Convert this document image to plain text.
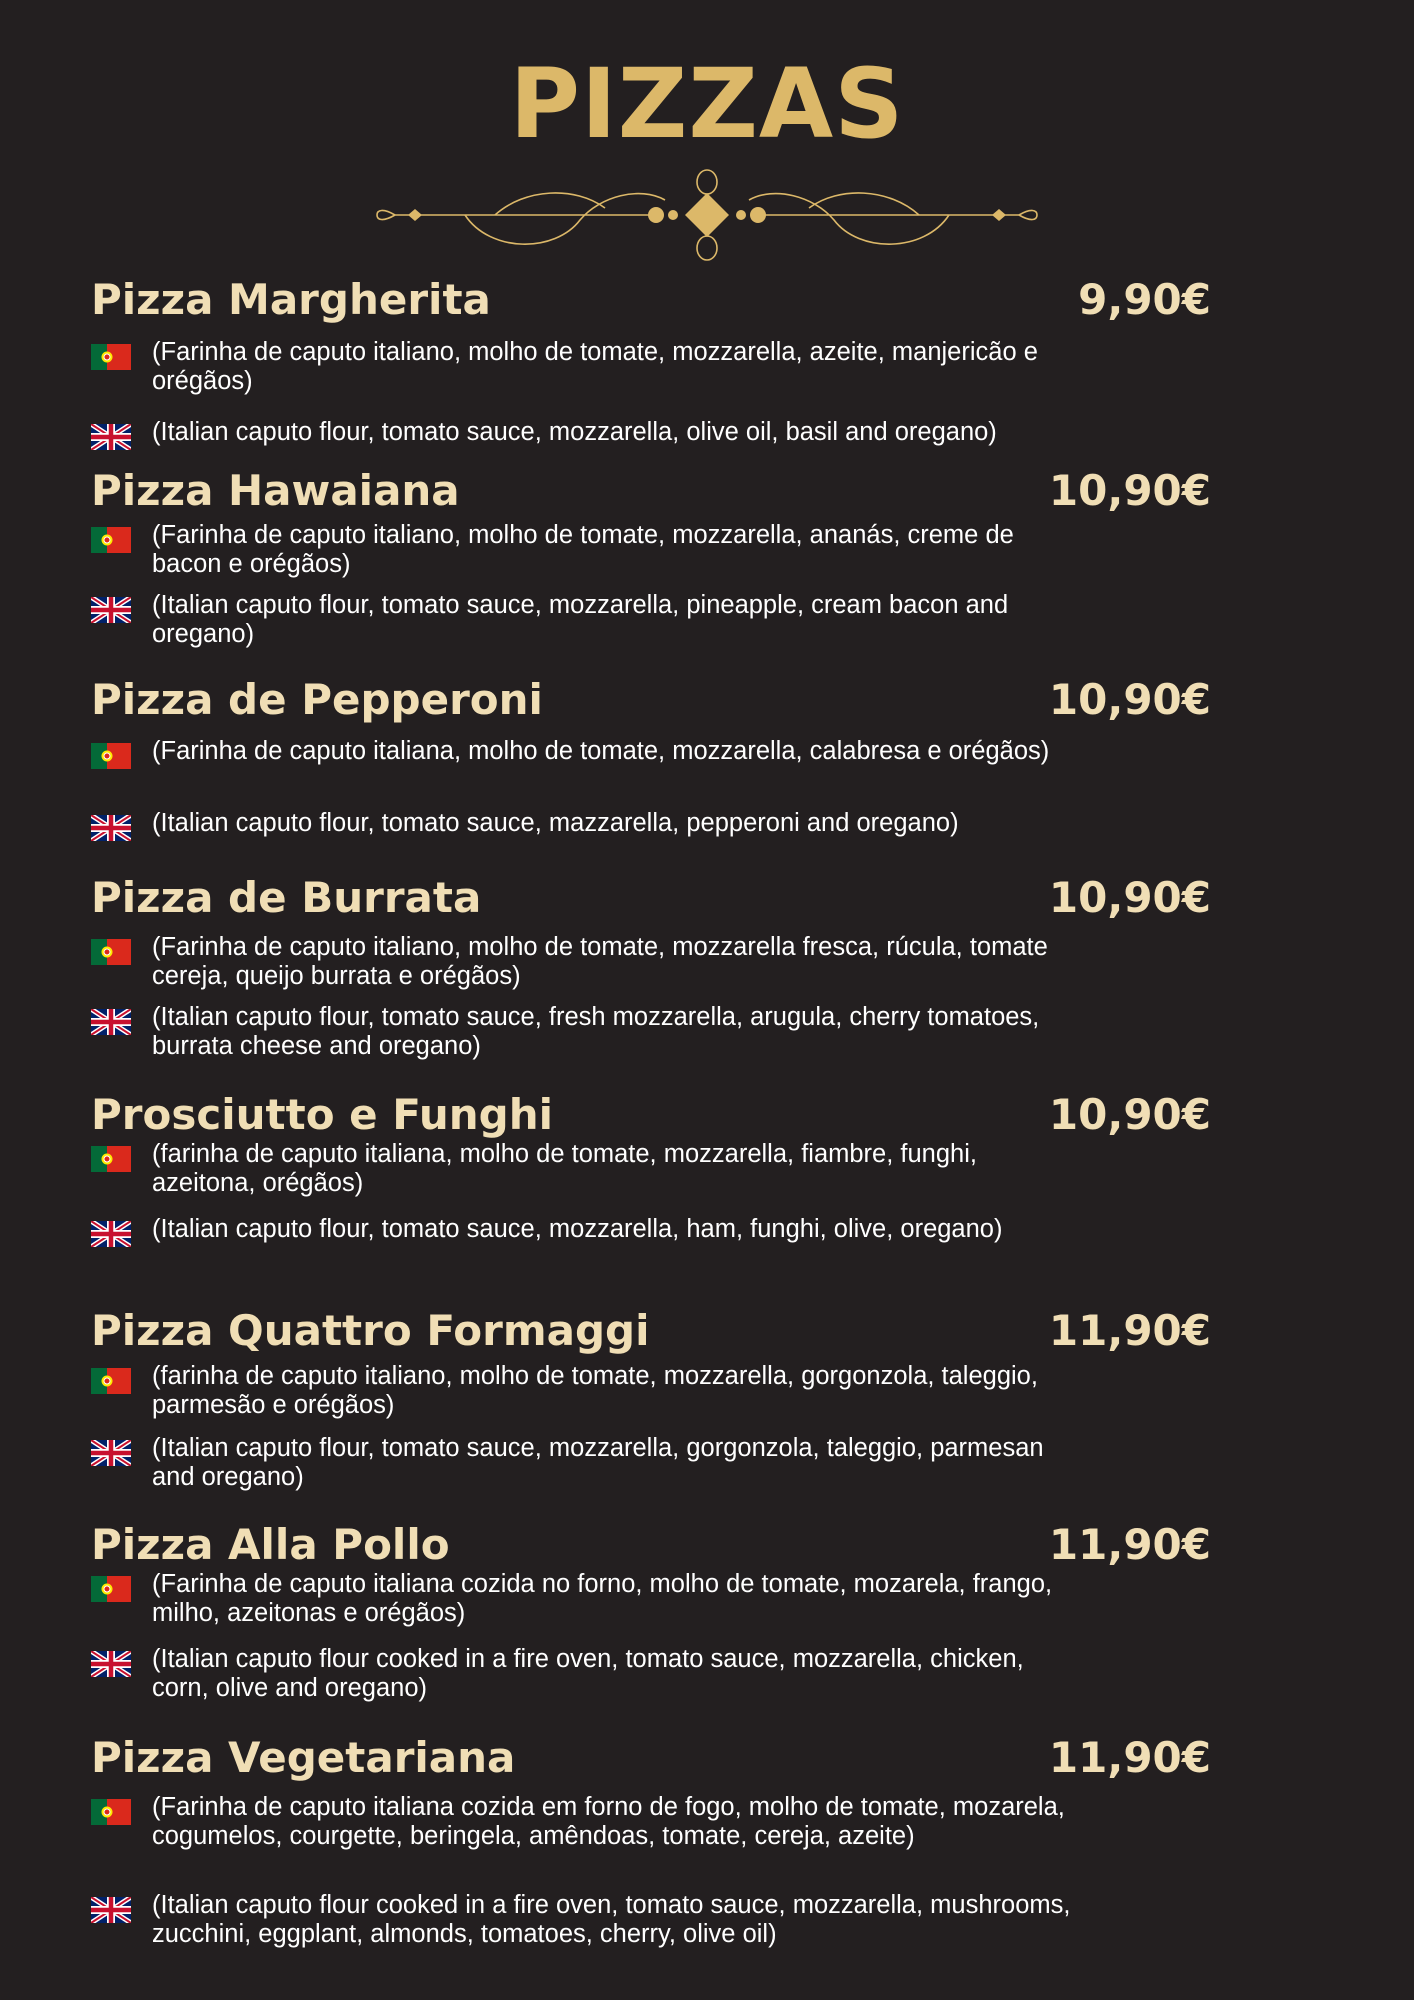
PIZZAS
Pizza Margherita	9,90€
(Farinha de caputo italiano, molho de tomate, mozzarella, azeite, manjericão e orégãos)
(Italian caputo flour, tomato sauce, mozzarella, olive oil, basil and oregano)
Pizza Hawaiana	10,90€
(Farinha de caputo italiano, molho de tomate, mozzarella, ananás, creme de bacon e orégãos)
(Italian caputo flour, tomato sauce, mozzarella, pineapple, cream bacon and oregano)
Pizza de Pepperoni	10,90€
(Farinha de caputo italiana, molho de tomate, mozzarella, calabresa e orégãos)
(Italian caputo flour, tomato sauce, mazzarella, pepperoni and oregano)
Pizza de Burrata	10,90€
(Farinha de caputo italiano, molho de tomate, mozzarella fresca, rúcula, tomate cereja, queijo burrata e orégãos)
(Italian caputo flour, tomato sauce, fresh mozzarella, arugula, cherry tomatoes, burrata cheese and oregano)
Prosciutto e Funghi	10,90€
(farinha de caputo italiana, molho de tomate, mozzarella, fiambre, funghi, azeitona, orégãos)
(Italian caputo flour, tomato sauce, mozzarella, ham, funghi, olive, oregano)
Pizza Quattro Formaggi	11,90€
(farinha de caputo italiano, molho de tomate, mozzarella, gorgonzola, taleggio, parmesão e orégãos)
(Italian caputo flour, tomato sauce, mozzarella, gorgonzola, taleggio, parmesan and oregano)
Pizza Alla Pollo	11,90€
(Farinha de caputo italiana cozida no forno, molho de tomate, mozarela, frango, milho, azeitonas e orégãos)
(Italian caputo flour cooked in a fire oven, tomato sauce, mozzarella, chicken, corn, olive and oregano)
Pizza Vegetariana	11,90€
(Farinha de caputo italiana cozida em forno de fogo, molho de tomate, mozarela, cogumelos, courgette, beringela, amêndoas, tomate, cereja, azeite)
(Italian caputo flour cooked in a fire oven, tomato sauce, mozzarella, mushrooms, zucchini, eggplant, almonds, tomatoes, cherry, olive oil)
